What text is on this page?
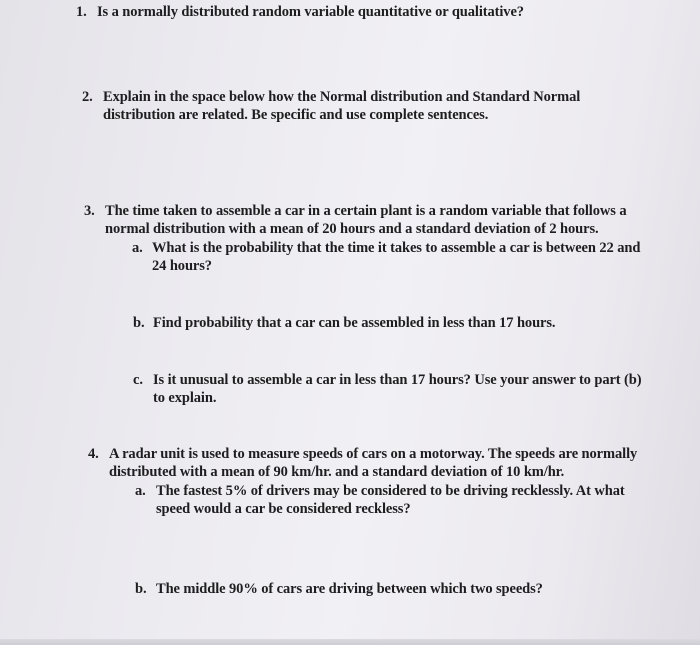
1. Is a normally distributed random variable quantitative or qualitative?
2. Explain in the space below how the Normal distribution and Standard Normal
distribution are related. Be specific and use complete sentences.
3. The time taken to assemble a car in a certain plant is a random variable that follows a
normal distribution with a mean of 20 hours and a standard deviation of 2 hours.
a. What is the probability that the time it takes to assemble a car is between 22 and
24 hours?
b. Find probability that a car can be assembled in less than 17 hours.
c. Is it unusual to assemble a car in less than 17 hours? Use your answer to part (b)
to explain.
4. A radar unit is used to measure speeds of cars on a motorway. The speeds are normally
distributed with a mean of 90 km/hr. and a standard deviation of 10 km/hr.
a. The fastest 5% of drivers may be considered to be driving recklessly. At what
speed would a car be considered reckless?
b. The middle 90% of cars are driving between which two speeds?
